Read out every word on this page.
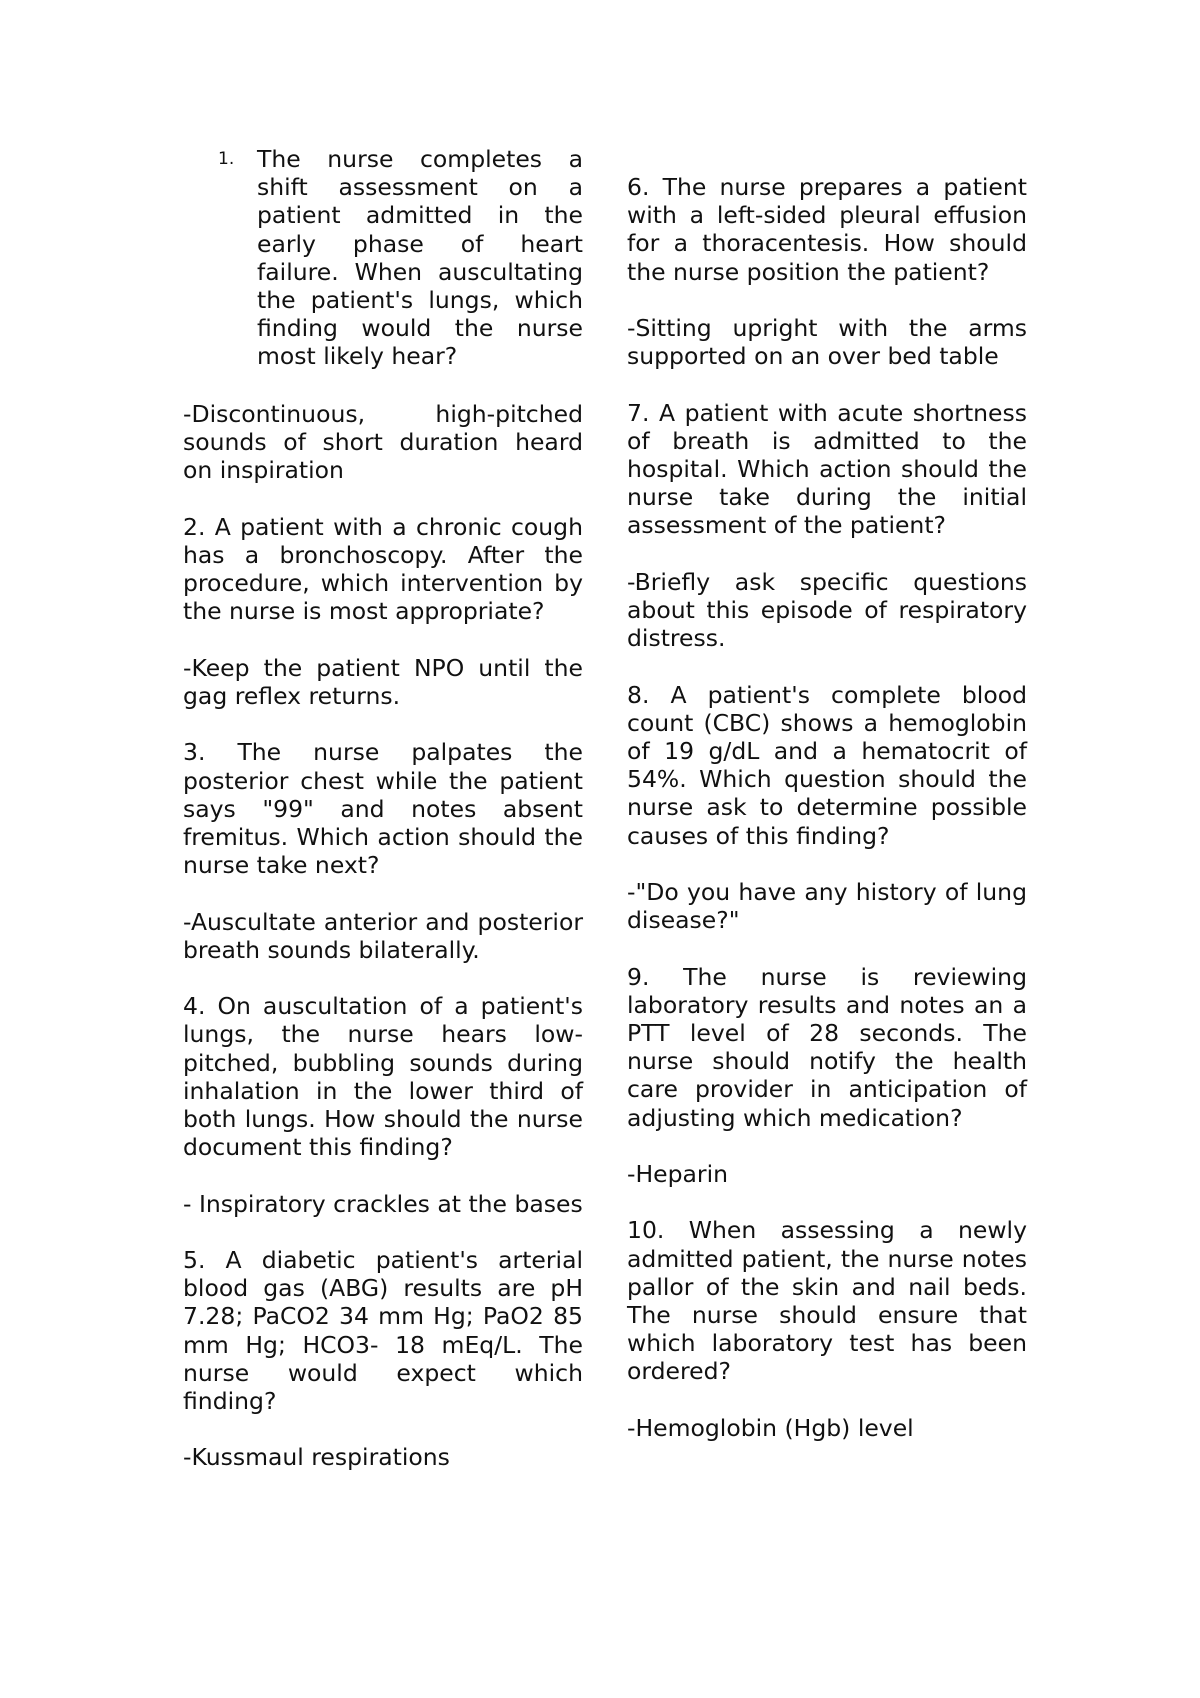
1. The nurse completes a shift assessment on a patient admitted in the early phase of heart failure. When auscultating the patient's lungs, which finding would the nurse most likely hear?

-Discontinuous, high-pitched sounds of short duration heard on inspiration

2. A patient with a chronic cough has a bronchoscopy. After the procedure, which intervention by the nurse is most appropriate?

-Keep the patient NPO until the gag reflex returns.

3. The nurse palpates the posterior chest while the patient says "99" and notes absent fremitus. Which action should the nurse take next?

-Auscultate anterior and posterior breath sounds bilaterally.

4. On auscultation of a patient's lungs, the nurse hears low-pitched, bubbling sounds during inhalation in the lower third of both lungs. How should the nurse document this finding?

- Inspiratory crackles at the bases

5. A diabetic patient's arterial blood gas (ABG) results are pH 7.28; PaCO2 34 mm Hg; PaO2 85 mm Hg; HCO3- 18 mEq/L. The nurse would expect which finding?

-Kussmaul respirations

6. The nurse prepares a patient with a left-sided pleural effusion for a thoracentesis. How should the nurse position the patient?

-Sitting upright with the arms supported on an over bed table

7. A patient with acute shortness of breath is admitted to the hospital. Which action should the nurse take during the initial assessment of the patient?

-Briefly ask specific questions about this episode of respiratory distress.

8. A patient's complete blood count (CBC) shows a hemoglobin of 19 g/dL and a hematocrit of 54%. Which question should the nurse ask to determine possible causes of this finding?

-"Do you have any history of lung disease?"

9. The nurse is reviewing laboratory results and notes an a PTT level of 28 seconds. The nurse should notify the health care provider in anticipation of adjusting which medication?

-Heparin

10. When assessing a newly admitted patient, the nurse notes pallor of the skin and nail beds. The nurse should ensure that which laboratory test has been ordered?

-Hemoglobin (Hgb) level
